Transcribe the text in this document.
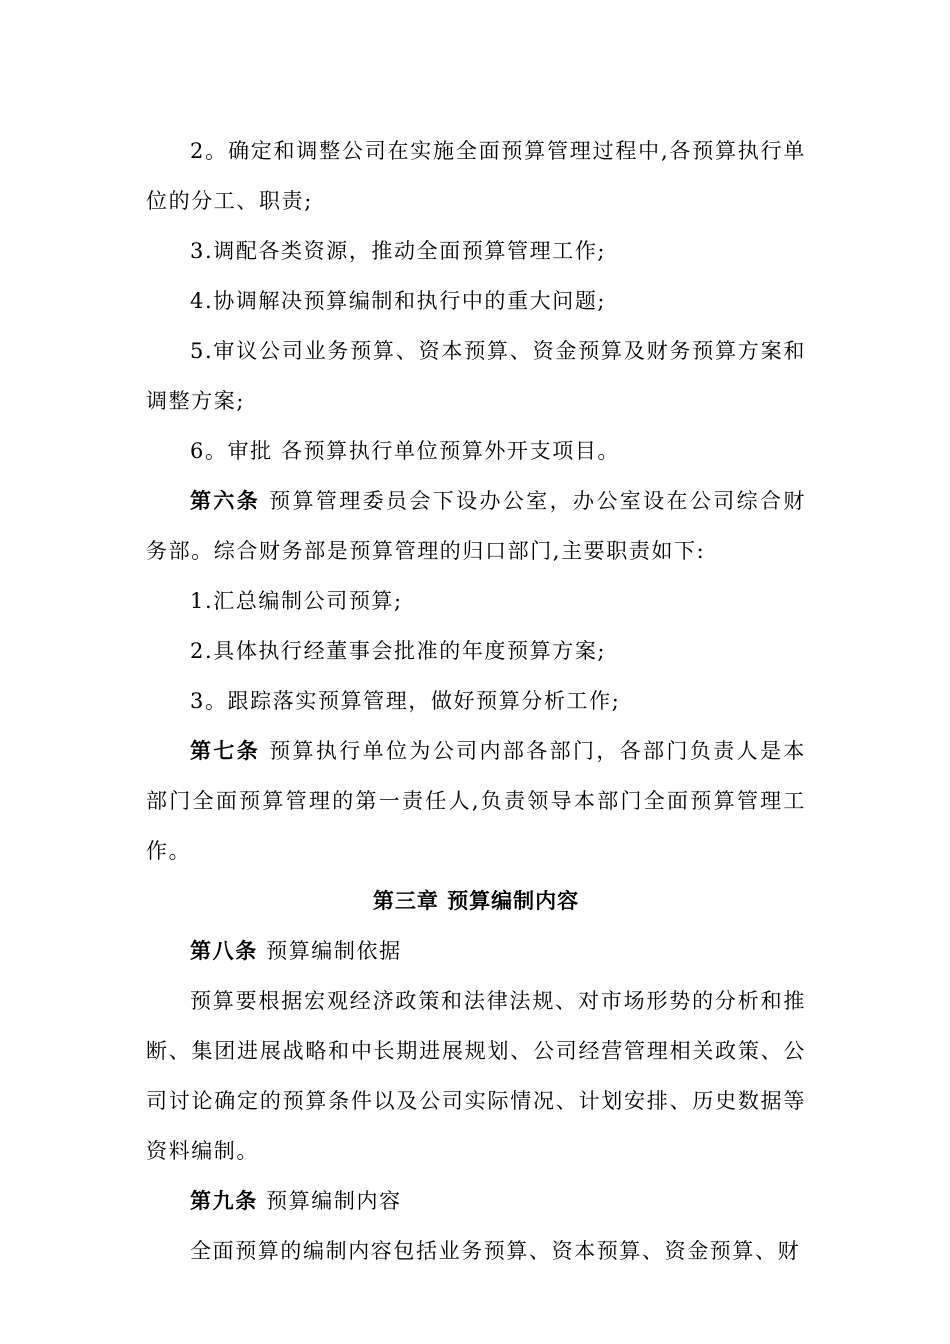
2。确定和调整公司在实施全面预算管理过程中,各预算执行单位的分工、职责;

3.调配各类资源，推动全面预算管理工作;

4.协调解决预算编制和执行中的重大问题;

5.审议公司业务预算、资本预算、资金预算及财务预算方案和调整方案;

6。审批 各预算执行单位预算外开支项目。

第六条 预算管理委员会下设办公室，办公室设在公司综合财务部。综合财务部是预算管理的归口部门,主要职责如下:

1.汇总编制公司预算;

2.具体执行经董事会批准的年度预算方案;

3。跟踪落实预算管理，做好预算分析工作;

第七条 预算执行单位为公司内部各部门，各部门负责人是本部门全面预算管理的第一责任人,负责领导本部门全面预算管理工作。

第三章 预算编制内容

第八条 预算编制依据

预算要根据宏观经济政策和法律法规、对市场形势的分析和推断、集团进展战略和中长期进展规划、公司经营管理相关政策、公司讨论确定的预算条件以及公司实际情况、计划安排、历史数据等资料编制。

第九条 预算编制内容

全面预算的编制内容包括业务预算、资本预算、资金预算、财
